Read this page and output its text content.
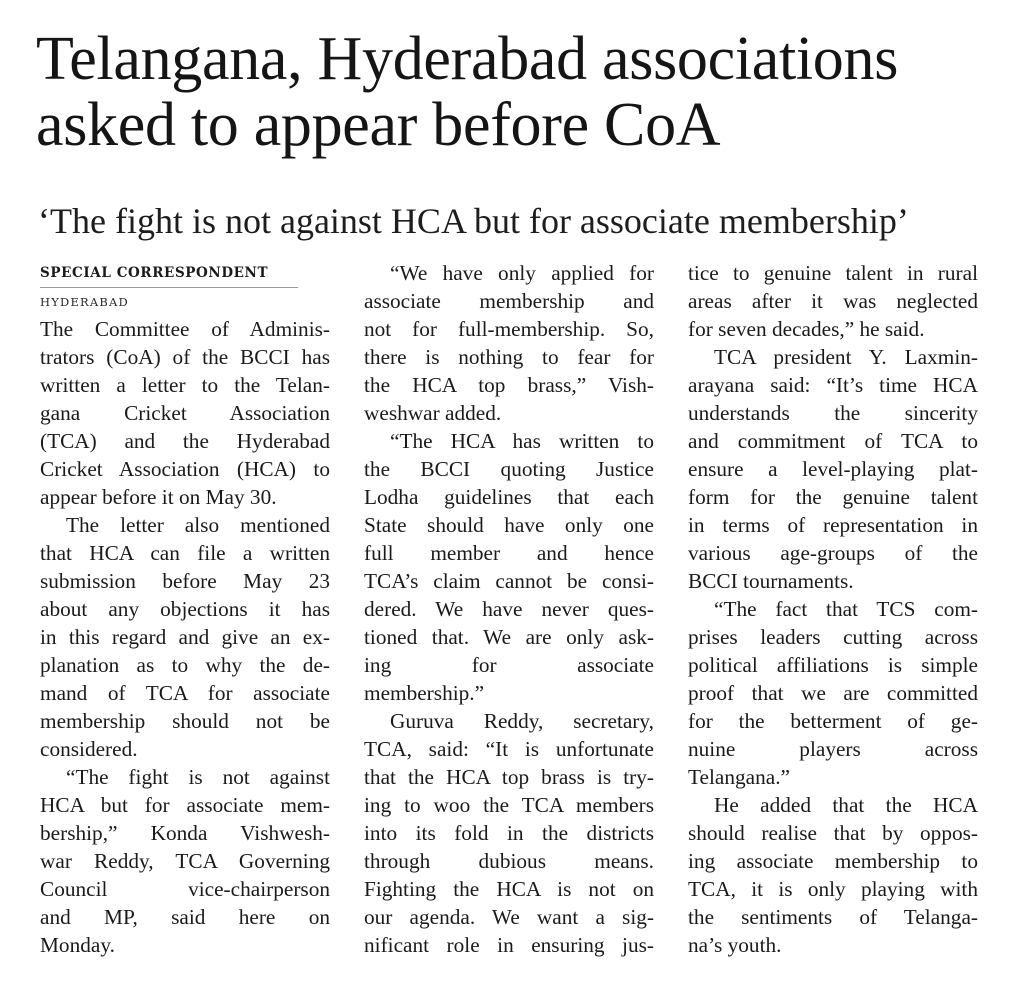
Telangana, Hyderabad associations
asked to appear before CoA
‘The fight is not against HCA but for associate membership’
SPECIAL CORRESPONDENT
HYDERABAD
The Committee of Adminis-
trators (CoA) of the BCCI has
written a letter to the Telan-
gana Cricket Association
(TCA) and the Hyderabad
Cricket Association (HCA) to
appear before it on May 30.
The letter also mentioned
that HCA can file a written
submission before May 23
about any objections it has
in this regard and give an ex-
planation as to why the de-
mand of TCA for associate
membership should not be
considered.
“The fight is not against
HCA but for associate mem-
bership,” Konda Vishwesh-
war Reddy, TCA Governing
Council vice-chairperson
and MP, said here on
Monday.
“We have only applied for
associate membership and
not for full-membership. So,
there is nothing to fear for
the HCA top brass,” Vish-
weshwar added.
“The HCA has written to
the BCCI quoting Justice
Lodha guidelines that each
State should have only one
full member and hence
TCA’s claim cannot be consi-
dered. We have never ques-
tioned that. We are only ask-
ing for associate
membership.”
Guruva Reddy, secretary,
TCA, said: “It is unfortunate
that the HCA top brass is try-
ing to woo the TCA members
into its fold in the districts
through dubious means.
Fighting the HCA is not on
our agenda. We want a sig-
nificant role in ensuring jus-
tice to genuine talent in rural
areas after it was neglected
for seven decades,” he said.
TCA president Y. Laxmin-
arayana said: “It’s time HCA
understands the sincerity
and commitment of TCA to
ensure a level-playing plat-
form for the genuine talent
in terms of representation in
various age-groups of the
BCCI tournaments.
“The fact that TCS com-
prises leaders cutting across
political affiliations is simple
proof that we are committed
for the betterment of ge-
nuine players across
Telangana.”
He added that the HCA
should realise that by oppos-
ing associate membership to
TCA, it is only playing with
the sentiments of Telanga-
na’s youth.
